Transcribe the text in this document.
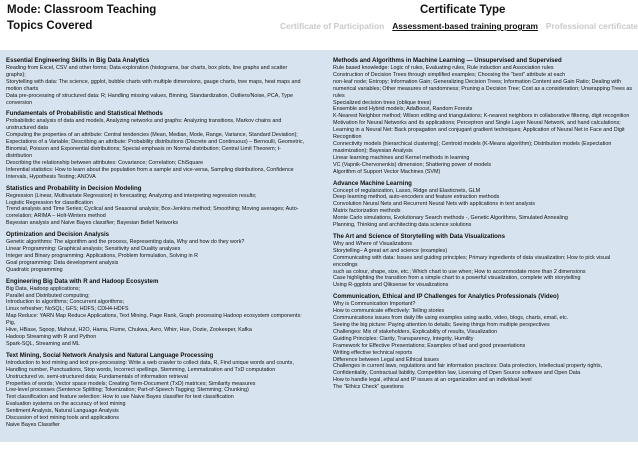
Mode: Classroom Teaching
Topics Covered
Certificate Type
Certificate of Participation Assessment-based training program Professional certificate
Essential Engineering Skills in Big Data Analytics
Reading from Excel, CSV and other forms; Data exploration (histograms, bar charts, box plots, line graphs and scatter graphs);
Storytelling with data: The science, ggplot, bubble charts with multiple dimensions, gauge charts, tree maps, heat maps and
motion charts
Data pre-processing of structured data: R; Handling missing values, Binning, Standardization, Outliers/Noise, PCA, Type
conversion
Fundamentals of Probabilistic and Statistical Methods
Probabilistic analysis of data and models, Analyzing networks and graphs: Analyzing transitions, Markov chains and
unstructured data
Computing the properties of an attribute: Central tendencies (Mean, Median, Mode, Range, Variance, Standard Deviation);
Expectations of a Variable; Describing an attribute: Probability distributions (Discrete and Continuous) – Bernoulli, Geometric,
Binomial, Poisson and Exponential distributions; Special emphasis on Normal distribution; Central Limit Theorem; t-distribution
Describing the relationship between attributes: Covariance; Correlation; ChiSquare
Inferential statistics: How to learn about the population from a sample and vice-versa, Sampling distributions, Confidence
Intervals, Hypothesis Testing; ANOVA
Statistics and Probability in Decision Modeling
Regression (Linear, Multivariate Regression) in forecasting; Analyzing and interpreting regression results;
Logistic Regression for classification
Trend analysis and Time Series; Cyclical and Seasonal analysis; Box-Jenkins method; Smoothing; Moving averages; Auto-
correlation; ARIMA – Holt-Winters method
Bayesian analysis and Naive Bayes classifier; Bayesian Belief Networks
Optimization and Decision Analysis
Genetic algorithms: The algorithm and the process, Representing data, Why and how do they work?
Linear Programming: Graphical analysis; Sensitivity and Duality analyses
Integer and Binary programming: Applications, Problem formulation, Solving in R
Goal programming: Data development analysis
Quadratic programming
Engineering Big Data with R and Hadoop Ecosystem
Big Data, Hadoop applications;
Parallel and Distributed computing;
Introduction to algorithms; Concurrent algorithms;
Linux refresher; NoSQL; GFS; HDFS; CDH4-HDFS
Map Reduce: YARN Map Reduce Applications, Text Mining, Page Rank, Graph processing Hadoop ecosystem components: Pig,
Hive, HBase, Sqoop, Mahout, H2O, Hama, Flume, Chukwa, Avro, Whirr, Hue, Oozie, Zookeeper, Kafka
Hadoop Streaming with R and Python
Spark-SQL, Streaming and ML
Text Mining, Social Network Analysis and Natural Language Processing
Introduction to text mining and text pre-processing: Write a web crawler to collect data, R, Find unique words and counts,
Handling number, Punctuations, Stop words, Incorrect spellings, Stemming, Lemmatization and TxD computation
Unstructured vs. semi-structured data; Fundamentals of information retrieval
Properties of words; Vector space models; Creating Term-Document (TxD) matrices; Similarity measures
Low-level processes (Sentence Splitting; Tokenization; Part-of-Speech Tagging; Stemming; Chunking)
Text classification and feature selection: How to use Naive Bayes classifier for text classification
Evaluation systems on the accuracy of text mining
Sentiment Analysis, Natural Language Analysis
Discussion of text mining tools and applications
Naive Bayes Classifier
Methods and Algorithms in Machine Learning — Unsupervised and Supervised
Rule based knowledge: Logic of rules, Evaluating rules, Rule induction and Association rules
Construction of Decision Trees through simplified examples; Choosing the "best" attribute at each
non-leaf node; Entropy; Information Gain; Generalizing Decision Trees; Information Content and Gain Ratio; Dealing with
numerical variables; Other measures of randomness; Pruning a Decision Tree; Cost as a consideration; Unwrapping Trees as
rules
Specialized decision trees (oblique trees)
Ensemble and Hybrid models; AdaBoost, Random Forests
K-Nearest Neighbor method; Wilson editing and triangulations; K-nearest neighbors in collaborative filtering, digit recognition
Motivation for Neural Networks and its applications; Perceptron and Single Layer Neural Network, and hand calculations;
Learning in a Neural Net: Back propagation and conjugant gradient techniques; Application of Neural Net in Face and Digit
Recognition
Connectivity models (hierarchical clustering); Centroid models (K-Means algorithm); Distribution models (Expectation
maximization); Bayesian Analysis
Linear learning machines and Kernel methods in learning
VC (Vapnik-Chervonenkis) dimension; Shattering power of models
Algorithm of Support Vector Machines (SVM)
Advance Machine Learning
Concept of regularization, Lasso, Ridge and Elasticnets, GLM
Deep learning method, auto-encoders and feature extraction methods
Convolution Neural Nets and Recurrent Neural Nets with applications in text analysis
Matrix factorization methods
Monte Carlo simulations, Evolutionary Search methods -, Genetic Algorithms, Simulated Annealing
Planning, Thinking and architecting data science solutions
The Art and Science of Storytelling with Data Visualizations
Why and Where of Visualizations
Storytelling– A great art and science (examples)
Communicating with data: Issues and guiding principles; Primary ingredients of data visualization; How to pick visual encodings
such as colour, shape, size, etc.; Which chart to use when; How to accommodate more than 2 dimensions
Case highlighting the transition from a simple chart to a powerful visualization, complete with storytelling
Using R-ggplots and Qliksense for visualizations
Communication, Ethical and IP Challenges for Analytics Professionals (Video)
Why is Communication Important?
How to communicate effectively: Telling stories
Communications issues from daily life using examples using audio, video, blogs, charts, email, etc.
Seeing the big picture: Paying attention to details; Seeing things from multiple perspectives
Challenges: Mix of stakeholders, Explicability of results, Visualization
Guiding Principles: Clarity, Transparency, Integrity, Humility
Framework for Effective Presentations; Examples of bad and good presentations
Writing effective technical reports
Difference between Legal and Ethical issues
Challenges in current laws, regulations and fair information practices: Data protection, Intellectual property rights,
Confidentiality, Contractual liability, Competition law, Licensing of Open Source software and Open Data
How to handle legal, ethical and IP issues at an organization and an individual level
The "Ethics Check" questions
